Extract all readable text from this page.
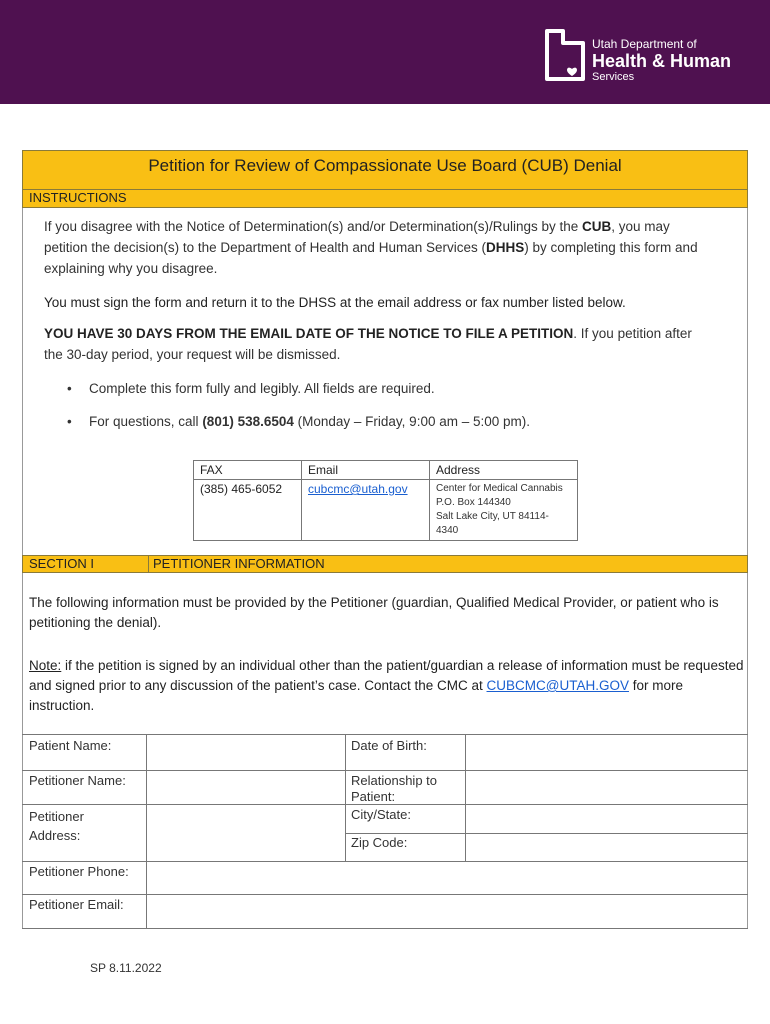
Utah Department of
Health & Human
Services
Petition for Review of Compassionate Use Board (CUB) Denial
INSTRUCTIONS
If you disagree with the Notice of Determination(s) and/or Determination(s)/Rulings by the CUB, you may petition the decision(s) to the Department of Health and Human Services (DHHS) by completing this form and explaining why you disagree.
You must sign the form and return it to the DHSS at the email address or fax number listed below.
YOU HAVE 30 DAYS FROM THE EMAIL DATE OF THE NOTICE TO FILE A PETITION. If you petition after the 30-day period, your request will be dismissed.
• Complete this form fully and legibly. All fields are required.
• For questions, call (801) 538.6504 (Monday – Friday, 9:00 am – 5:00 pm).
FAX	Email	Address
(385) 465-6052	cubcmc@utah.gov	Center for Medical Cannabis
P.O. Box 144340
Salt Lake City, UT 84114-4340
SECTION I	PETITIONER INFORMATION
The following information must be provided by the Petitioner (guardian, Qualified Medical Provider, or patient who is petitioning the denial).
Note: if the petition is signed by an individual other than the patient/guardian a release of information must be requested and signed prior to any discussion of the patient’s case. Contact the CMC at CUBCMC@UTAH.GOV for more instruction.
Patient Name:	Date of Birth:
Petitioner Name:	Relationship to
Patient:
Petitioner
Address:
City/State:
Zip Code:
Petitioner Phone:
Petitioner Email:
SP 8.11.2022
